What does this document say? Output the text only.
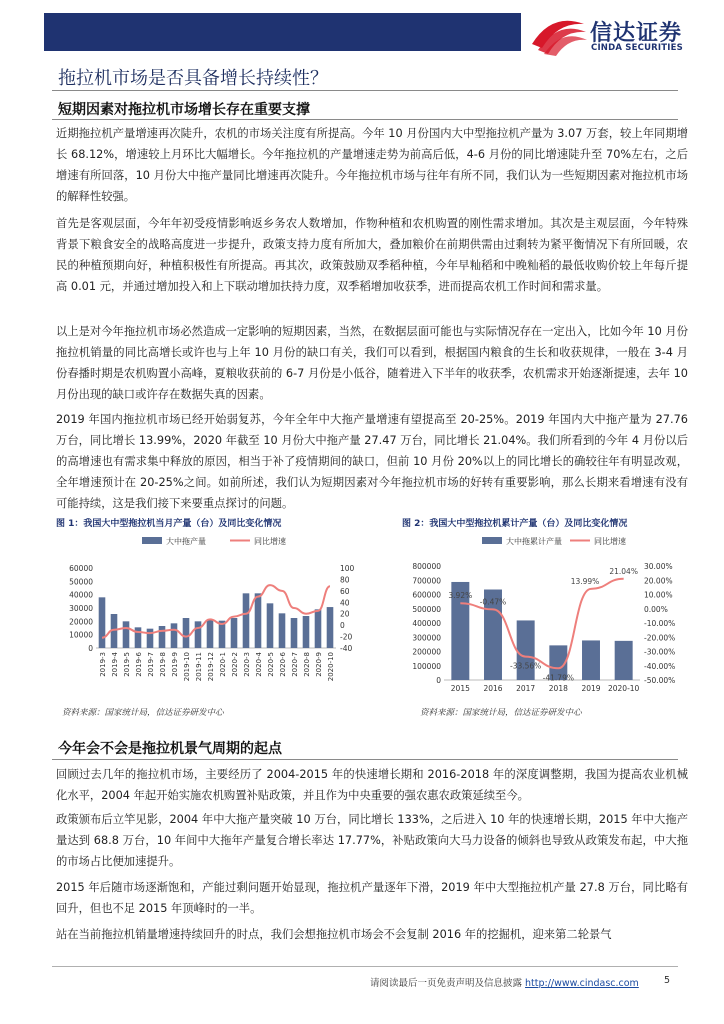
信达证券
CINDA SECURITIES
拖拉机市场是否具备增长持续性？
短期因素对拖拉机市场增长存在重要支撑

近期拖拉机产量增速再次陡升，农机的市场关注度有所提高。今年 10 月份国内大中型拖拉机产量为 3.07 万套，较上年同期增长 68.12%，增速较上月环比大幅增长。今年拖拉机的产量增速走势为前高后低，4-6 月份的同比增速陡升至 70%左右，之后增速有所回落，10 月份大中拖产量同比增速再次陡升。今年拖拉机市场与往年有所不同，我们认为一些短期因素对拖拉机市场的解释性较强。

首先是客观层面，今年年初受疫情影响返乡务农人数增加，作物种植和农机购置的刚性需求增加。其次是主观层面，今年特殊背景下粮食安全的战略高度进一步提升，政策支持力度有所加大，叠加粮价在前期供需由过剩转为紧平衡情况下有所回暖，农民的种植预期向好，种植积极性有所提高。再其次，政策鼓励双季稻种植，今年早籼稻和中晚籼稻的最低收购价较上年每斤提高 0.01 元，并通过增加投入和上下联动增加扶持力度，双季稻增加收获季，进而提高农机工作时间和需求量。

以上是对今年拖拉机市场必然造成一定影响的短期因素，当然，在数据层面可能也与实际情况存在一定出入，比如今年 10 月份拖拉机销量的同比高增长或许也与上年 10 月份的缺口有关，我们可以看到，根据国内粮食的生长和收获规律，一般在 3-4 月份春播时期是农机购置小高峰，夏粮收获前的 6-7 月份是小低谷，随着进入下半年的收获季，农机需求开始逐渐提速，去年 10 月份出现的缺口或许存在数据失真的因素。

2019 年国内拖拉机市场已经开始弱复苏，今年全年中大拖产量增速有望提高至 20-25%。2019 年国内大中拖产量为 27.76 万台，同比增长 13.99%，2020 年截至 10 月份大中拖产量 27.47 万台，同比增长 21.04%。我们所看到的今年 4 月份以后的高增速也有需求集中释放的原因，相当于补了疫情期间的缺口，但前 10 月份 20%以上的同比增长的确较往年有明显改观，全年增速预计在 20-25%之间。如前所述，我们认为短期因素对今年拖拉机市场的好转有重要影响，那么长期来看增速有没有可能持续，这是我们接下来要重点探讨的问题。

图 1：我国大中型拖拉机当月产量（台）及同比变化情况	图 2：我国大中型拖拉机累计产量（台）及同比变化情况
大中拖产量	同比增速
0
10000
20000
30000
40000
50000
60000
-40
-20
0
20
40
60
80
100
2019-3 2019-4 2019-5 2019-6 2019-7 2019-8 2019-9 2019-10 2019-11 2019-12 2020-1 2020-2 2020-3 2020-4 2020-5 2020-6 2020-7 2020-8 2020-9 2020-10
大中拖累计产量	同比增速
0
100000
200000
300000
400000
500000
600000
700000
800000
-50.00%
-40.00%
-30.00%
-20.00%
-10.00%
0.00%
10.00%
20.00%
30.00%
3.92%
-0.47%
-33.56%
-41.79%
13.99%
21.04%
2015 2016 2017 2018 2019 2020-10
资料来源：国家统计局，信达证券研发中心	资料来源：国家统计局，信达证券研发中心
今年会不会是拖拉机景气周期的起点

回顾过去几年的拖拉机市场，主要经历了 2004-2015 年的快速增长期和 2016-2018 年的深度调整期，我国为提高农业机械化水平，2004 年起开始实施农机购置补贴政策，并且作为中央重要的强农惠农政策延续至今。

政策颁布后立竿见影，2004 年中大拖产量突破 10 万台，同比增长 133%，之后进入 10 年的快速增长期，2015 年中大拖产量达到 68.8 万台，10 年间中大拖年产量复合增长率达 17.77%，补贴政策向大马力设备的倾斜也导致从政策发布起，中大拖的市场占比便加速提升。

2015 年后随市场逐渐饱和，产能过剩问题开始显现，拖拉机产量逐年下滑，2019 年中大型拖拉机产量 27.8 万台，同比略有回升，但也不足 2015 年顶峰时的一半。

站在当前拖拉机销量增速持续回升的时点，我们会想拖拉机市场会不会复制 2016 年的挖掘机，迎来第二轮景气

请阅读最后一页免责声明及信息披露 http://www.cindasc.com	5
